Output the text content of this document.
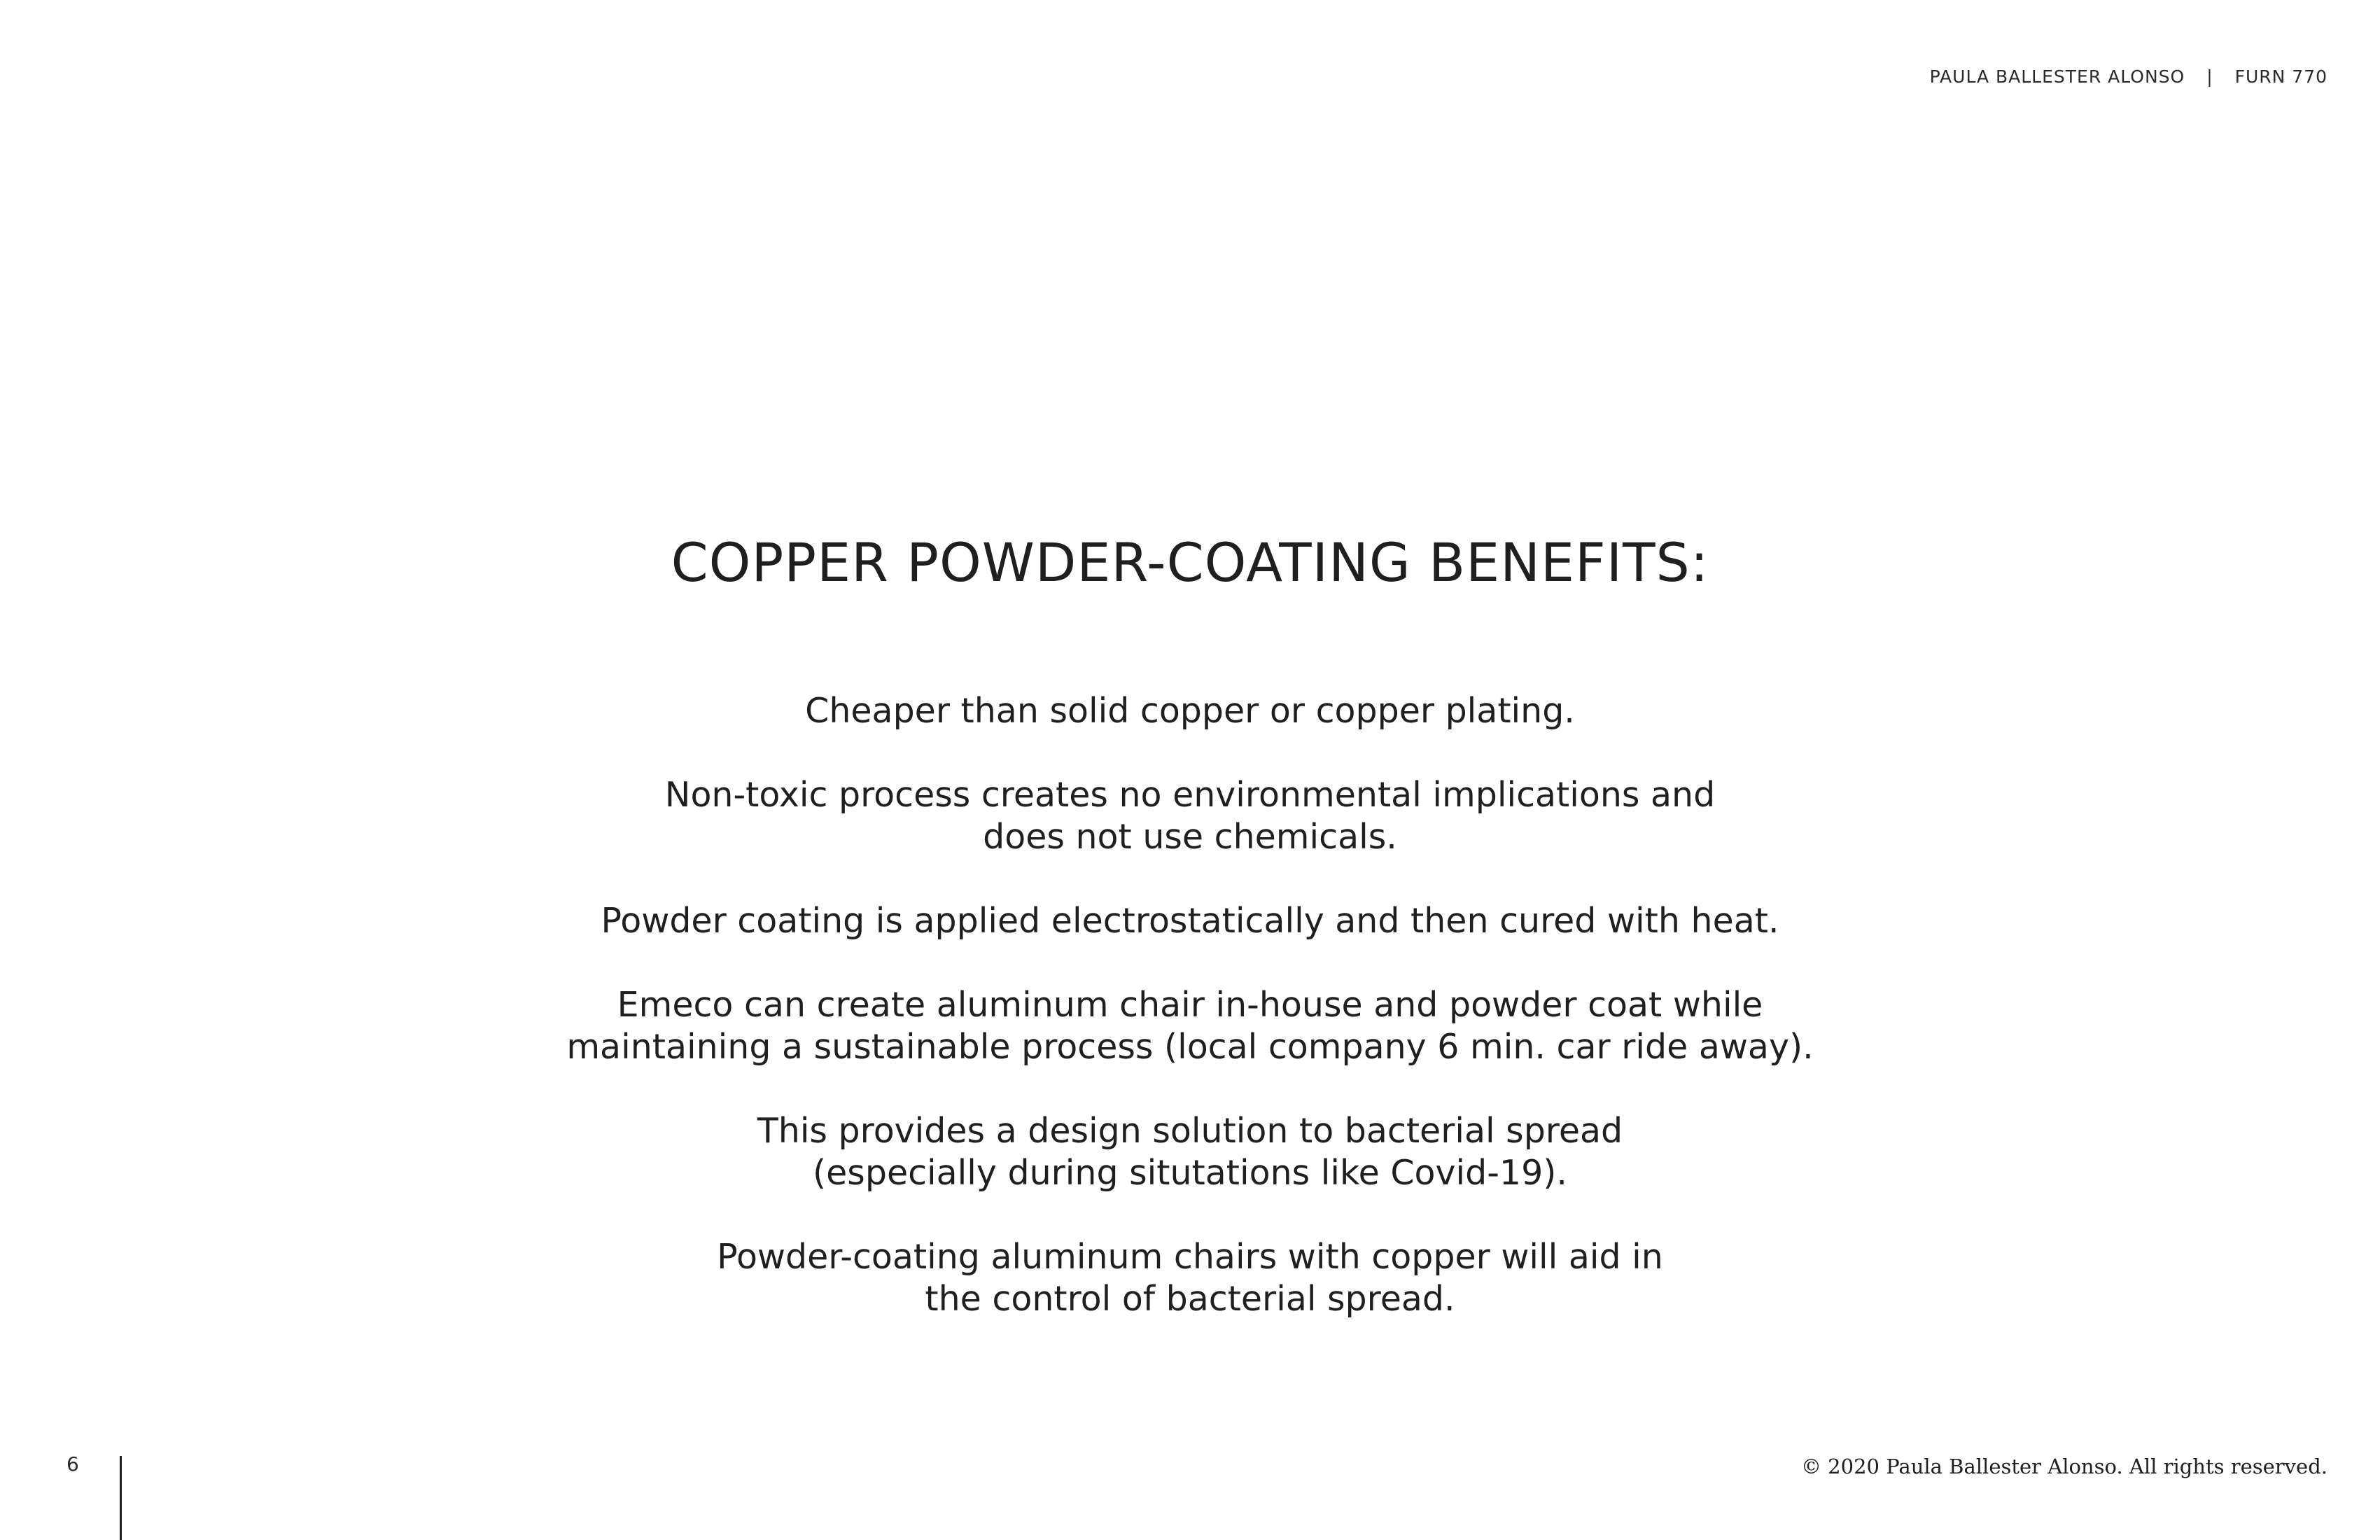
PAULA BALLESTER ALONSO | FURN 770
COPPER POWDER-COATING BENEFITS:
Cheaper than solid copper or copper plating.
Non-toxic process creates no environmental implications and
does not use chemicals.
Powder coating is applied electrostatically and then cured with heat.
Emeco can create aluminum chair in-house and powder coat while
maintaining a sustainable process (local company 6 min. car ride away).
This provides a design solution to bacterial spread
(especially during situtations like Covid-19).
Powder-coating aluminum chairs with copper will aid in
the control of bacterial spread.
6	© 2020 Paula Ballester Alonso. All rights reserved.
